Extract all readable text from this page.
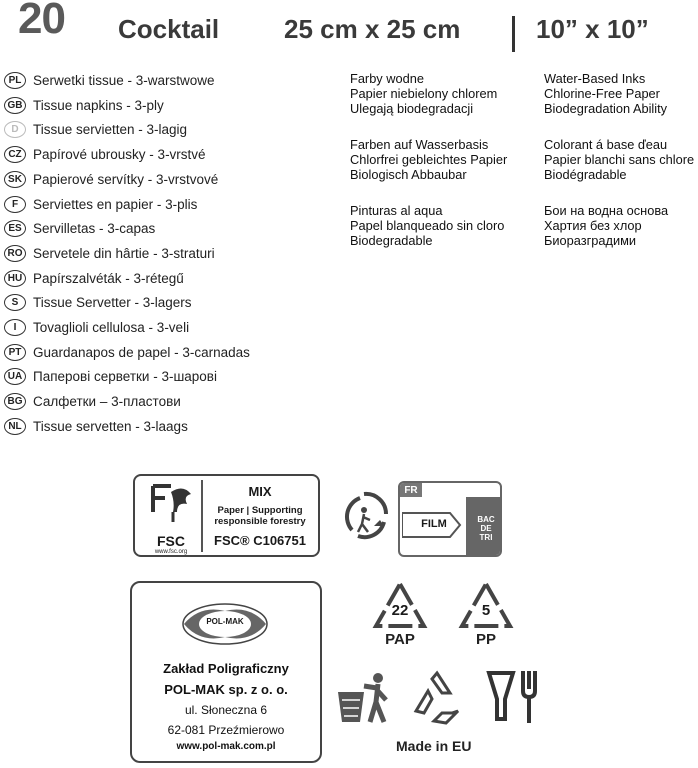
20 Cocktail 25 cm x 25 cm	10” x 10”
PL Serwetki tissue - 3-warstwowe
GB Tissue napkins - 3-ply
D	Tissue servietten - 3-lagig
CZ Papírové ubrousky - 3-vrstvé
SK Papierové servítky - 3-vrstvové
F	Serviettes en papier - 3-plis
ES Servilletas - 3-capas
RO Servetele din hârtie - 3-straturi
HU Papírszalvéták - 3-rétegű
S	Tissue Servetter - 3-lagers
I	Tovaglioli cellulosa - 3-veli
PT Guardanapos de papel - 3-carnadas
UA Паперові серветки - 3-шарові
BG Салфетки – 3-пластови
NL Tissue servetten - 3-laags
Farby wodne
Papier niebielony chlorem
Ulegają biodegradacji
Farben auf Wasserbasis
Chlorfrei gebleichtes Papier
Biologisch Abbaubar
Pinturas al aqua
Papel blanqueado sin cloro
Biodegradable
Water-Based Inks
Chlorine-Free Paper
Biodegradation Ability
Colorant á base ďeau
Papier blanchi sans chlore
Biodégradable
Бои на водна основа
Хартия без хлор
Биоразградими
FSC
www.fsc.org
MIX
Paper | Supporting
responsible forestry
FSC® C106751
FR
FILM	BAC
DE
TRI
POL-MAK
Zakład Poligraficzny
POL-MAK sp. z o. o.
ul. Słoneczna 6
62-081 Przeźmierowo
www.pol-mak.com.pl
22
PAP
5
PP
Made in EU
